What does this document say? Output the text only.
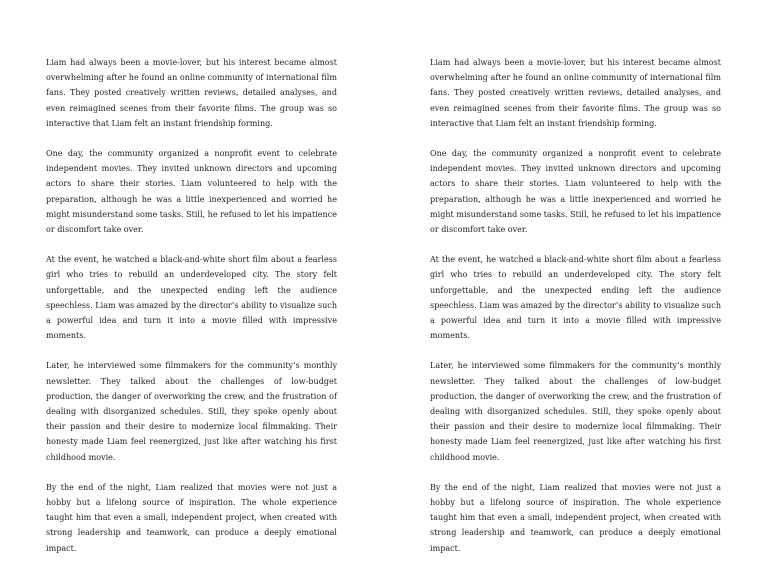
Liam had always been a movie-lover, but his interest became almost overwhelming after he found an online community of international film fans. They posted creatively written reviews, detailed analyses, and even reimagined scenes from their favorite films. The group was so interactive that Liam felt an instant friendship forming.

One day, the community organized a nonprofit event to celebrate independent movies. They invited unknown directors and upcoming actors to share their stories. Liam volunteered to help with the preparation, although he was a little inexperienced and worried he might misunderstand some tasks. Still, he refused to let his impatience or discomfort take over.

At the event, he watched a black-and-white short film about a fearless girl who tries to rebuild an underdeveloped city. The story felt unforgettable, and the unexpected ending left the audience speechless. Liam was amazed by the director’s ability to visualize such a powerful idea and turn it into a movie filled with impressive moments.

Later, he interviewed some filmmakers for the community’s monthly newsletter. They talked about the challenges of low-budget production, the danger of overworking the crew, and the frustration of dealing with disorganized schedules. Still, they spoke openly about their passion and their desire to modernize local filmmaking. Their honesty made Liam feel reenergized, just like after watching his first childhood movie.

By the end of the night, Liam realized that movies were not just a hobby but a lifelong source of inspiration. The whole experience taught him that even a small, independent project, when created with strong leadership and teamwork, can produce a deeply emotional impact.

Liam had always been a movie-lover, but his interest became almost overwhelming after he found an online community of international film fans. They posted creatively written reviews, detailed analyses, and even reimagined scenes from their favorite films. The group was so interactive that Liam felt an instant friendship forming.

One day, the community organized a nonprofit event to celebrate independent movies. They invited unknown directors and upcoming actors to share their stories. Liam volunteered to help with the preparation, although he was a little inexperienced and worried he might misunderstand some tasks. Still, he refused to let his impatience or discomfort take over.

At the event, he watched a black-and-white short film about a fearless girl who tries to rebuild an underdeveloped city. The story felt unforgettable, and the unexpected ending left the audience speechless. Liam was amazed by the director’s ability to visualize such a powerful idea and turn it into a movie filled with impressive moments.

Later, he interviewed some filmmakers for the community’s monthly newsletter. They talked about the challenges of low-budget production, the danger of overworking the crew, and the frustration of dealing with disorganized schedules. Still, they spoke openly about their passion and their desire to modernize local filmmaking. Their honesty made Liam feel reenergized, just like after watching his first childhood movie.

By the end of the night, Liam realized that movies were not just a hobby but a lifelong source of inspiration. The whole experience taught him that even a small, independent project, when created with strong leadership and teamwork, can produce a deeply emotional impact.
